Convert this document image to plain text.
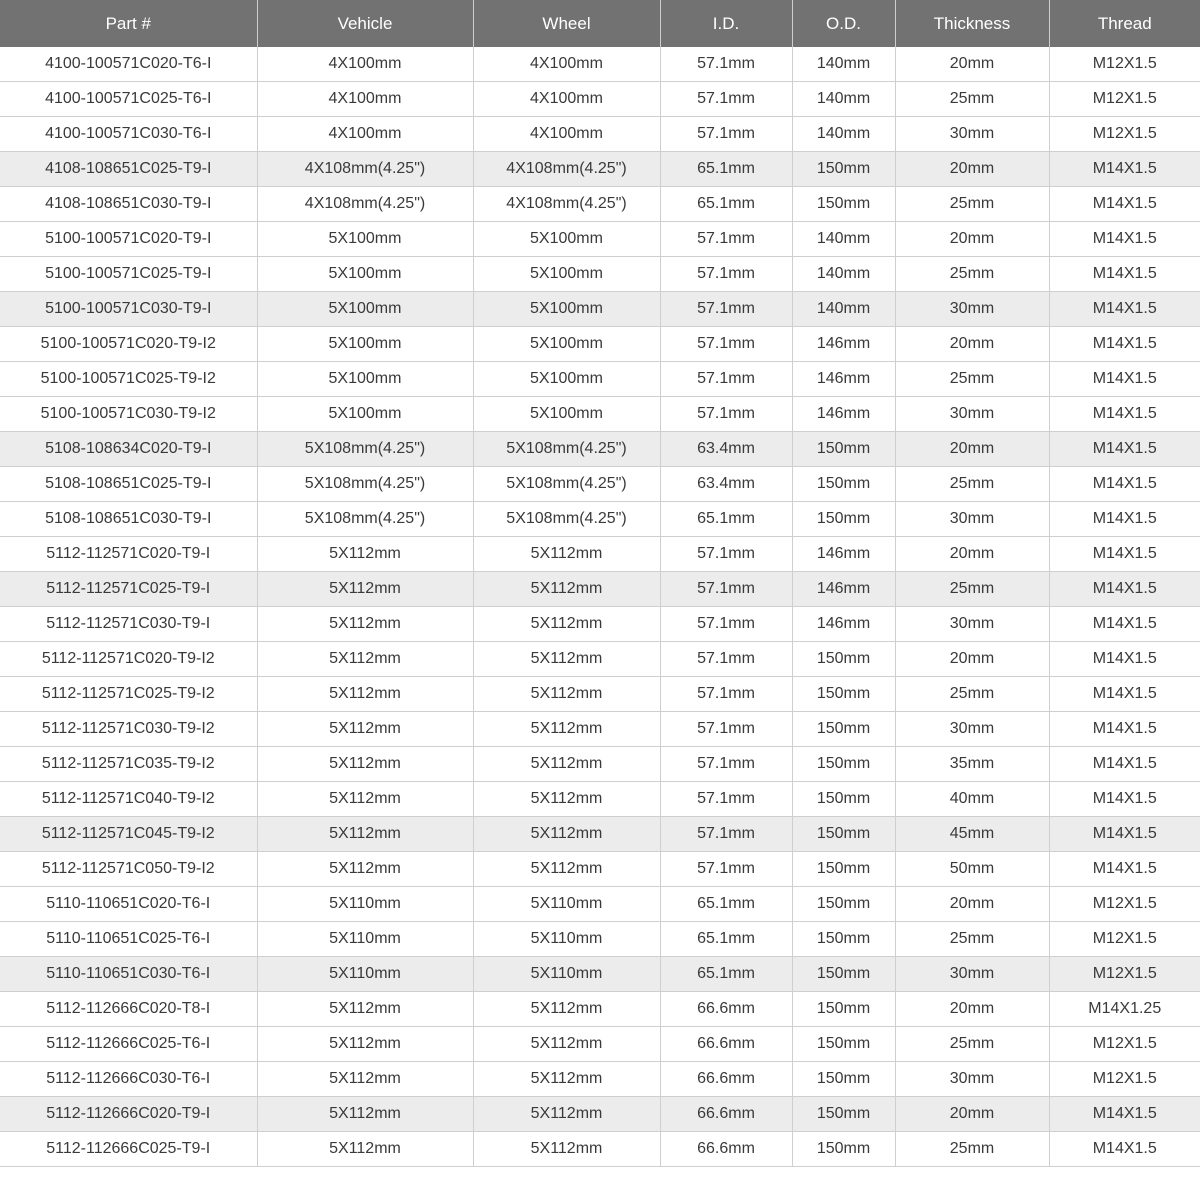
Part #	Vehicle	Wheel	I.D.	O.D.	Thickness	Thread
4100-100571C020-T6-I	4X100mm	4X100mm	57.1mm	140mm	20mm	M12X1.5
4100-100571C025-T6-I	4X100mm	4X100mm	57.1mm	140mm	25mm	M12X1.5
4100-100571C030-T6-I	4X100mm	4X100mm	57.1mm	140mm	30mm	M12X1.5
4108-108651C025-T9-I	4X108mm(4.25")	4X108mm(4.25")	65.1mm	150mm	20mm	M14X1.5
4108-108651C030-T9-I	4X108mm(4.25")	4X108mm(4.25")	65.1mm	150mm	25mm	M14X1.5
5100-100571C020-T9-I	5X100mm	5X100mm	57.1mm	140mm	20mm	M14X1.5
5100-100571C025-T9-I	5X100mm	5X100mm	57.1mm	140mm	25mm	M14X1.5
5100-100571C030-T9-I	5X100mm	5X100mm	57.1mm	140mm	30mm	M14X1.5
5100-100571C020-T9-I2	5X100mm	5X100mm	57.1mm	146mm	20mm	M14X1.5
5100-100571C025-T9-I2	5X100mm	5X100mm	57.1mm	146mm	25mm	M14X1.5
5100-100571C030-T9-I2	5X100mm	5X100mm	57.1mm	146mm	30mm	M14X1.5
5108-108634C020-T9-I	5X108mm(4.25")	5X108mm(4.25")	63.4mm	150mm	20mm	M14X1.5
5108-108651C025-T9-I	5X108mm(4.25")	5X108mm(4.25")	63.4mm	150mm	25mm	M14X1.5
5108-108651C030-T9-I	5X108mm(4.25")	5X108mm(4.25")	65.1mm	150mm	30mm	M14X1.5
5112-112571C020-T9-I	5X112mm	5X112mm	57.1mm	146mm	20mm	M14X1.5
5112-112571C025-T9-I	5X112mm	5X112mm	57.1mm	146mm	25mm	M14X1.5
5112-112571C030-T9-I	5X112mm	5X112mm	57.1mm	146mm	30mm	M14X1.5
5112-112571C020-T9-I2	5X112mm	5X112mm	57.1mm	150mm	20mm	M14X1.5
5112-112571C025-T9-I2	5X112mm	5X112mm	57.1mm	150mm	25mm	M14X1.5
5112-112571C030-T9-I2	5X112mm	5X112mm	57.1mm	150mm	30mm	M14X1.5
5112-112571C035-T9-I2	5X112mm	5X112mm	57.1mm	150mm	35mm	M14X1.5
5112-112571C040-T9-I2	5X112mm	5X112mm	57.1mm	150mm	40mm	M14X1.5
5112-112571C045-T9-I2	5X112mm	5X112mm	57.1mm	150mm	45mm	M14X1.5
5112-112571C050-T9-I2	5X112mm	5X112mm	57.1mm	150mm	50mm	M14X1.5
5110-110651C020-T6-I	5X110mm	5X110mm	65.1mm	150mm	20mm	M12X1.5
5110-110651C025-T6-I	5X110mm	5X110mm	65.1mm	150mm	25mm	M12X1.5
5110-110651C030-T6-I	5X110mm	5X110mm	65.1mm	150mm	30mm	M12X1.5
5112-112666C020-T8-I	5X112mm	5X112mm	66.6mm	150mm	20mm	M14X1.25
5112-112666C025-T6-I	5X112mm	5X112mm	66.6mm	150mm	25mm	M12X1.5
5112-112666C030-T6-I	5X112mm	5X112mm	66.6mm	150mm	30mm	M12X1.5
5112-112666C020-T9-I	5X112mm	5X112mm	66.6mm	150mm	20mm	M14X1.5
5112-112666C025-T9-I	5X112mm	5X112mm	66.6mm	150mm	25mm	M14X1.5
